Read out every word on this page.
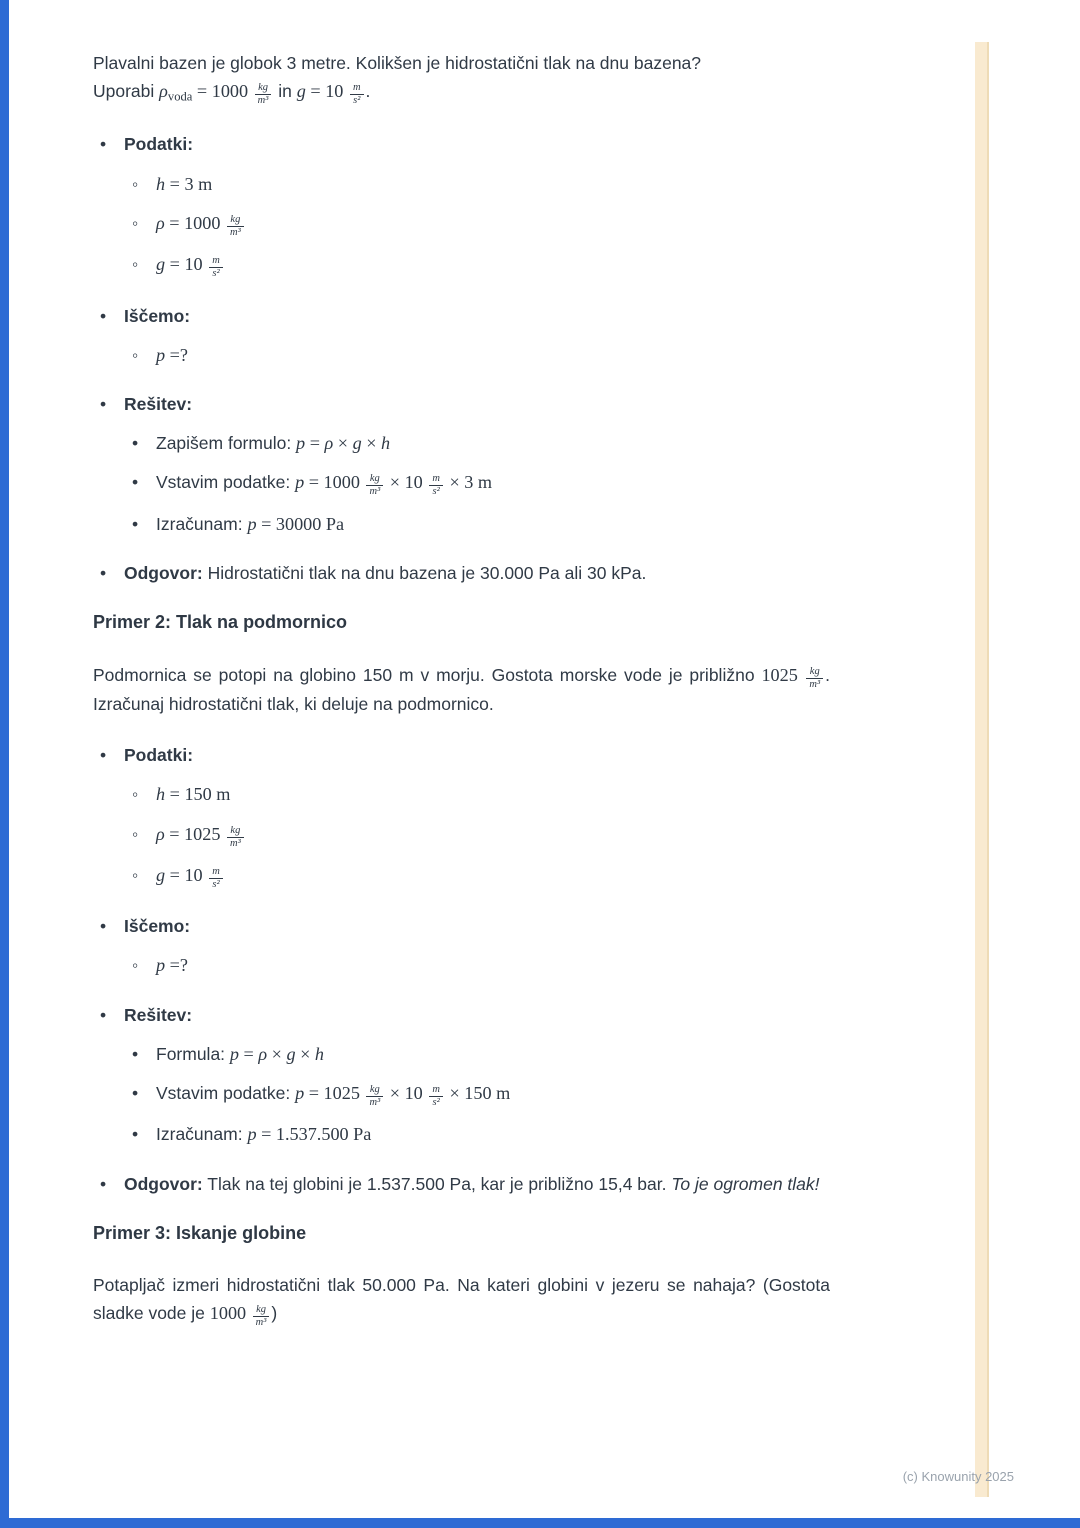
Plavalni bazen je globok 3 metre. Kolikšen je hidrostatični tlak na dnu bazena?
Uporabi $\rho_{voda} = 1000 \frac{kg}{\text{m³}}$ in $g = 10 \frac{m}{\text{s²}}$ .

•	Podatki:
◦ h = 3 m
◦ $\rho = 1000 \frac{kg}{\text{m³}}$
◦ $g = 10 \frac{m}{\text{s²}}$
•	Iščemo:
◦ p =?
•	Rešitev:
•	Zapišem formulo: p = ρ × g × h
•	Vstavim podatke: $p = 1000 \frac{kg}{\text{m³}} \times 10 \frac{m}{\text{s²}} \times 3$ m
•	Izračunam: p = 30000 Pa
•	Odgovor: Hidrostatični tlak na dnu bazena je 30.000 Pa ali 30 kPa.
Primer 2: Tlak na podmornico

Podmornica se potopi na globino 150 m v morju. Gostota morske vode je približno $1025 \frac{kg}{\text{m³}}$ . Izračunaj hidrostatični tlak, ki deluje na podmornico.

•	Podatki:
◦ h = 150 m
◦ $\rho = 1025 \frac{kg}{\text{m³}}$
◦ $g = 10 \frac{m}{\text{s²}}$
•	Iščemo:
◦ p =?
•	Rešitev:
•	Formula: p = ρ × g × h
•	Vstavim podatke: $p = 1025 \frac{kg}{\text{m³}} \times 10 \frac{m}{\text{s²}} \times 150$ m
•	Izračunam: p = 1.537.500 Pa
•	Odgovor: Tlak na tej globini je 1.537.500 Pa, kar je približno 15,4 bar. To je ogromen tlak!
Primer 3: Iskanje globine

Potapljač izmeri hidrostatični tlak 50.000 Pa. Na kateri globini v jezeru se nahaja? (Gostota sladke vode je $1000 \frac{kg}{\text{m³}}$ )

(c) Knowunity 2025
